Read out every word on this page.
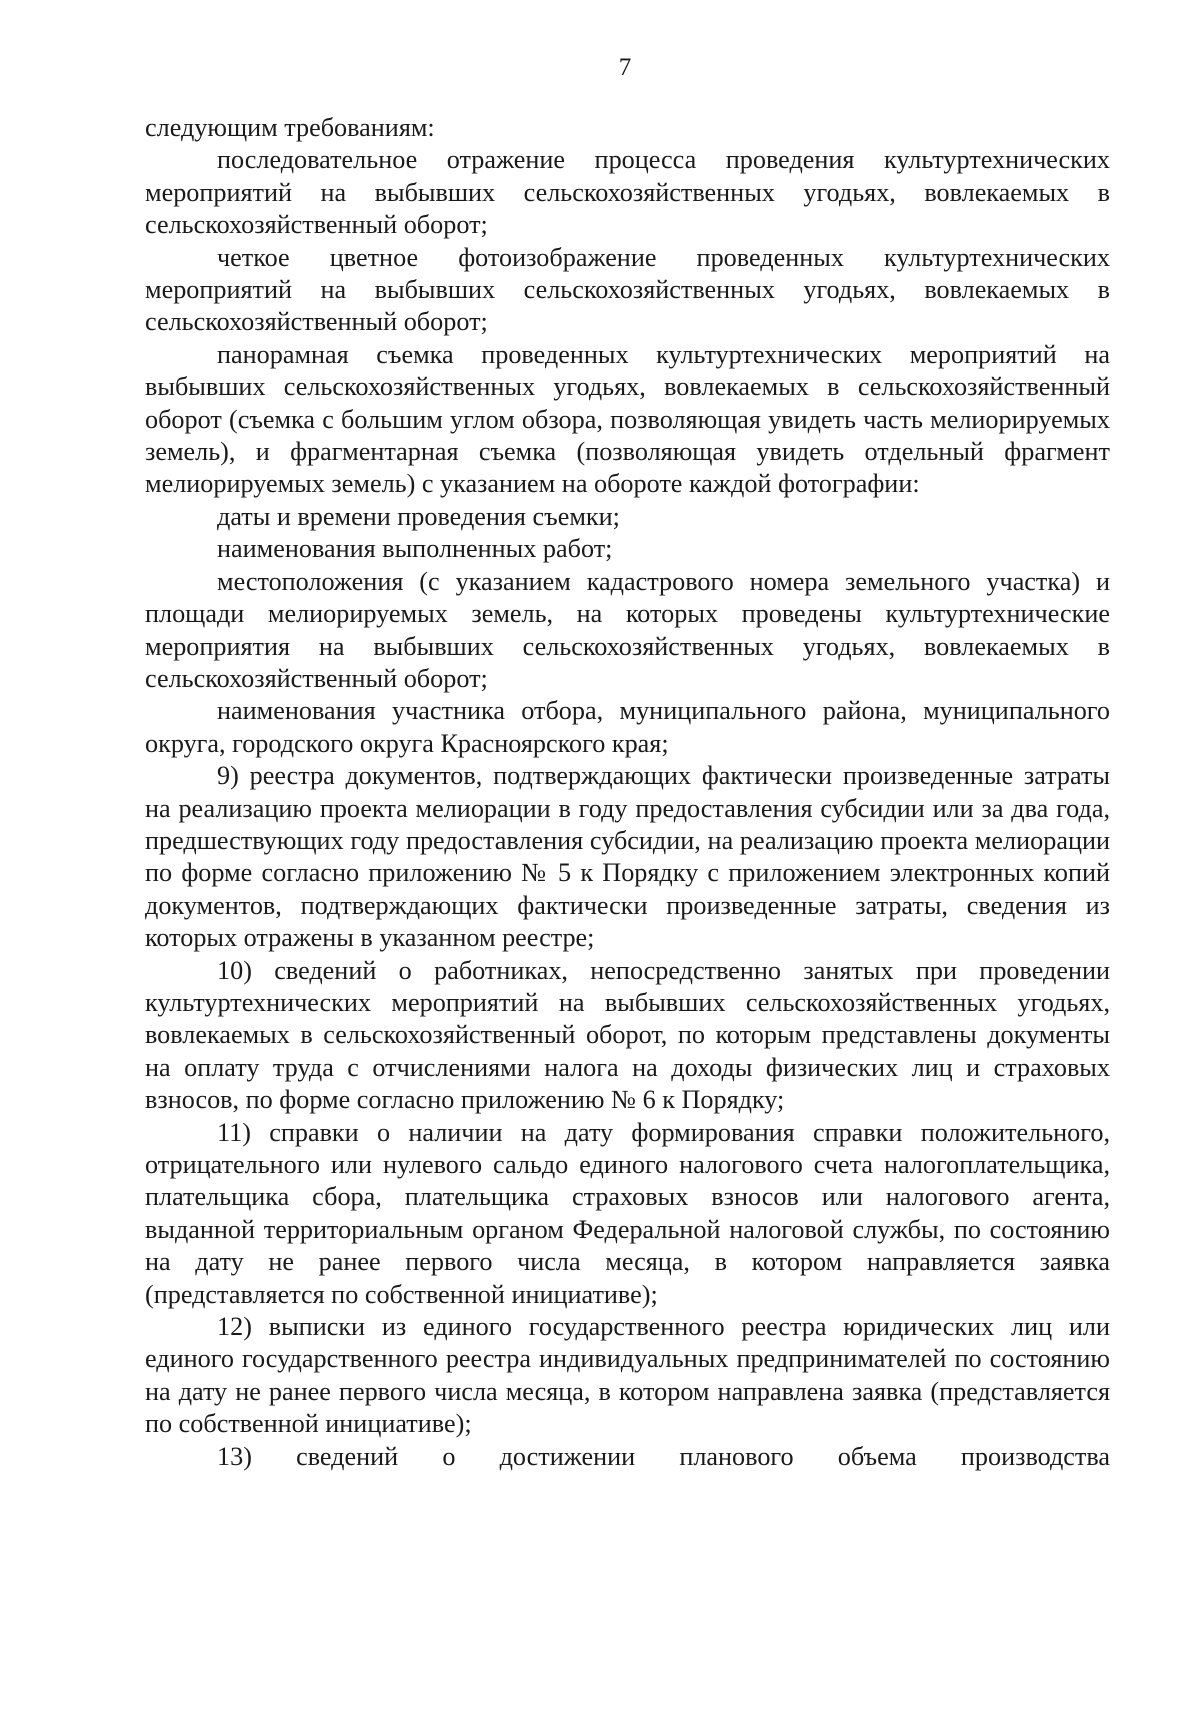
7

следующим требованиям:

последовательное отражение процесса проведения культуртехнических мероприятий на выбывших сельскохозяйственных угодьях, вовлекаемых в сельскохозяйственный оборот;

четкое цветное фотоизображение проведенных культуртехнических мероприятий на выбывших сельскохозяйственных угодьях, вовлекаемых в сельскохозяйственный оборот;

панорамная съемка проведенных культуртехнических мероприятий на выбывших сельскохозяйственных угодьях, вовлекаемых в сельскохозяйственный оборот (съемка с большим углом обзора, позволяющая увидеть часть мелиорируемых земель), и фрагментарная съемка (позволяющая увидеть отдельный фрагмент мелиорируемых земель) с указанием на обороте каждой фотографии:

даты и времени проведения съемки;

наименования выполненных работ;

местоположения (с указанием кадастрового номера земельного участка) и площади мелиорируемых земель, на которых проведены культуртехнические мероприятия на выбывших сельскохозяйственных угодьях, вовлекаемых в сельскохозяйственный оборот;

наименования участника отбора, муниципального района, муниципального округа, городского округа Красноярского края;

9) реестра документов, подтверждающих фактически произведенные затраты на реализацию проекта мелиорации в году предоставления субсидии или за два года, предшествующих году предоставления субсидии, на реализацию проекта мелиорации по форме согласно приложению № 5 к Порядку с приложением электронных копий документов, подтверждающих фактически произведенные затраты, сведения из которых отражены в указанном реестре;

10) сведений о работниках, непосредственно занятых при проведении культуртехнических мероприятий на выбывших сельскохозяйственных угодьях, вовлекаемых в сельскохозяйственный оборот, по которым представлены документы на оплату труда с отчислениями налога на доходы физических лиц и страховых взносов, по форме согласно приложению № 6 к Порядку;

11) справки о наличии на дату формирования справки положительного, отрицательного или нулевого сальдо единого налогового счета налогоплательщика, плательщика сбора, плательщика страховых взносов или налогового агента, выданной территориальным органом Федеральной налоговой службы, по состоянию на дату не ранее первого числа месяца, в котором направляется заявка (представляется по собственной инициативе);

12) выписки из единого государственного реестра юридических лиц или единого государственного реестра индивидуальных предпринимателей по состоянию на дату не ранее первого числа месяца, в котором направлена заявка (представляется по собственной инициативе);

13) сведений о достижении планового объема производства
